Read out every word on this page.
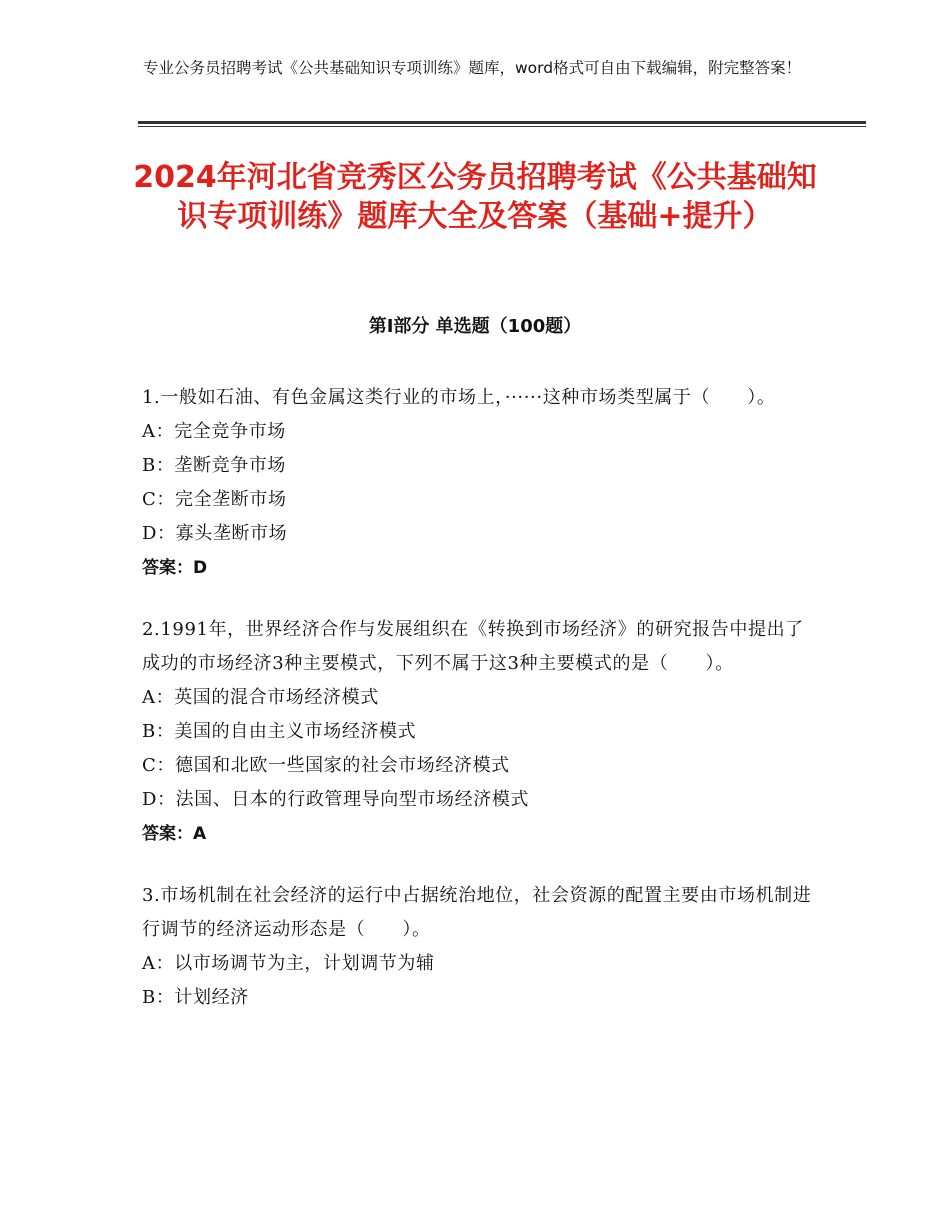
专业公务员招聘考试《公共基础知识专项训练》题库，word格式可自由下载编辑，附完整答案！
2024年河北省竞秀区公务员招聘考试《公共基础知识专项训练》题库大全及答案（基础+提升）
第Ⅰ部分 单选题（100题）
1.一般如石油、有色金属这类行业的市场上，······这种市场类型属于（　　）。
A：完全竞争市场
B：垄断竞争市场
C：完全垄断市场
D：寡头垄断市场
答案：D
2.1991年，世界经济合作与发展组织在《转换到市场经济》的研究报告中提出了成功的市场经济3种主要模式，下列不属于这3种主要模式的是（　　）。
A：英国的混合市场经济模式
B：美国的自由主义市场经济模式
C：德国和北欧一些国家的社会市场经济模式
D：法国、日本的行政管理导向型市场经济模式
答案：A
3.市场机制在社会经济的运行中占据统治地位，社会资源的配置主要由市场机制进行调节的经济运动形态是（　　）。
A：以市场调节为主，计划调节为辅
B：计划经济
